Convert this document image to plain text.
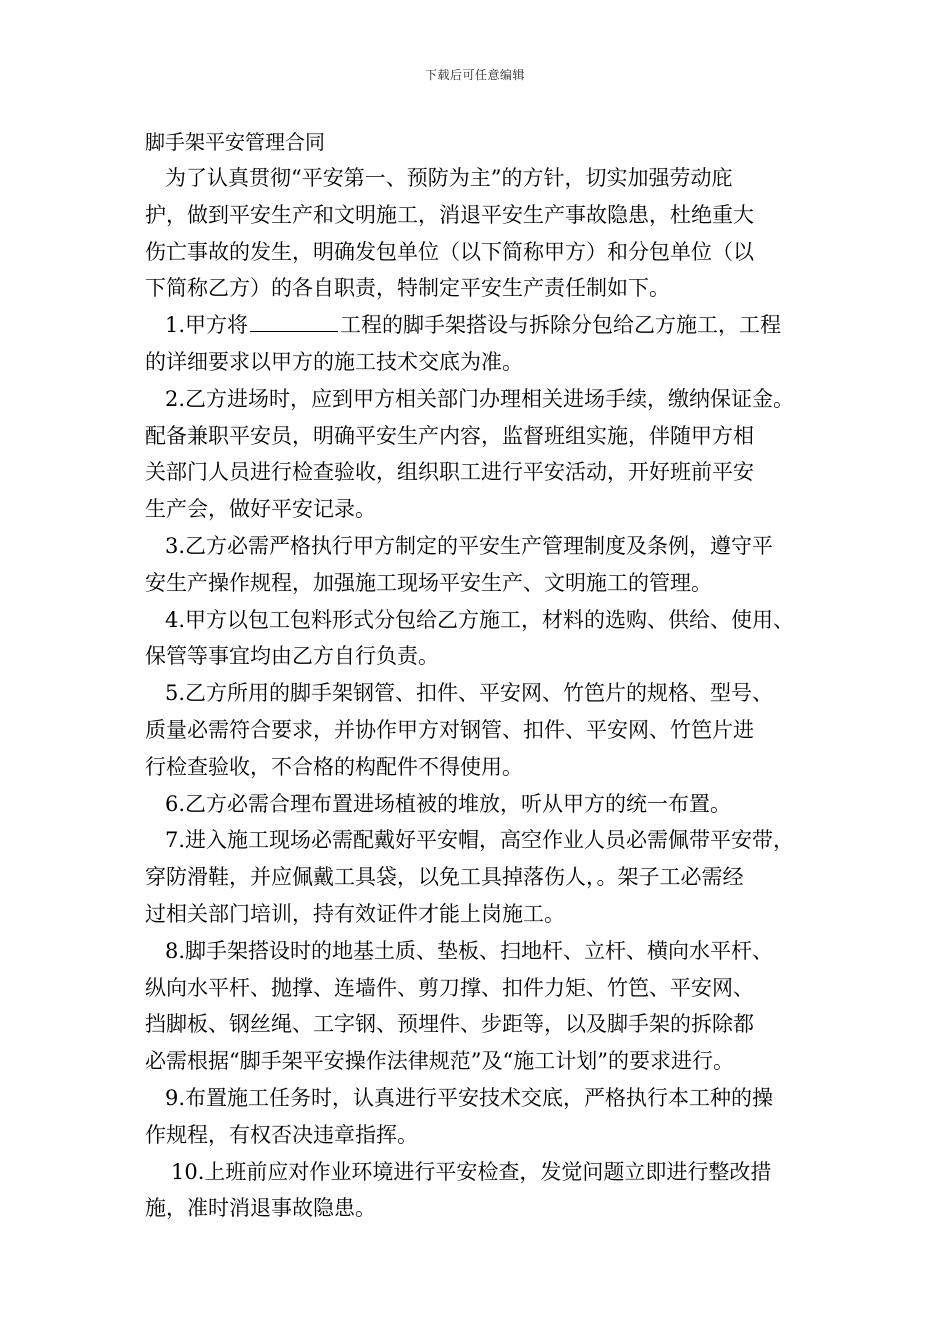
下载后可任意编辑
脚手架平安管理合同
为了认真贯彻“平安第一、预防为主”的方针，切实加强劳动庇
护，做到平安生产和文明施工，消退平安生产事故隐患，杜绝重大
伤亡事故的发生，明确发包单位（以下简称甲方）和分包单位（以
下简称乙方）的各自职责，特制定平安生产责任制如下。
1.甲方将	工程的脚手架搭设与拆除分包给乙方施工，工程
的详细要求以甲方的施工技术交底为准。
2.乙方进场时，应到甲方相关部门办理相关进场手续，缴纳保证金。
配备兼职平安员，明确平安生产内容，监督班组实施，伴随甲方相
关部门人员进行检查验收，组织职工进行平安活动，开好班前平安
生产会，做好平安记录。
3.乙方必需严格执行甲方制定的平安生产管理制度及条例，遵守平
安生产操作规程，加强施工现场平安生产、文明施工的管理。
4.甲方以包工包料形式分包给乙方施工，材料的选购、供给、使用、
保管等事宜均由乙方自行负责。
5.乙方所用的脚手架钢管、扣件、平安网、竹笆片的规格、型号、
质量必需符合要求，并协作甲方对钢管、扣件、平安网、竹笆片进
行检查验收，不合格的构配件不得使用。
6.乙方必需合理布置进场植被的堆放，听从甲方的统一布置。
7.进入施工现场必需配戴好平安帽，高空作业人员必需佩带平安带，
穿防滑鞋，并应佩戴工具袋，以免工具掉落伤人，。架子工必需经
过相关部门培训，持有效证件才能上岗施工。
8.脚手架搭设时的地基土质、垫板、扫地杆、立杆、横向水平杆、
纵向水平杆、抛撑、连墙件、剪刀撑、扣件力矩、竹笆、平安网、
挡脚板、钢丝绳、工字钢、预埋件、步距等，以及脚手架的拆除都
必需根据“脚手架平安操作法律规范”及“施工计划”的要求进行。
9.布置施工任务时，认真进行平安技术交底，严格执行本工种的操
作规程，有权否决违章指挥。
10.上班前应对作业环境进行平安检查，发觉问题立即进行整改措
施，准时消退事故隐患。
